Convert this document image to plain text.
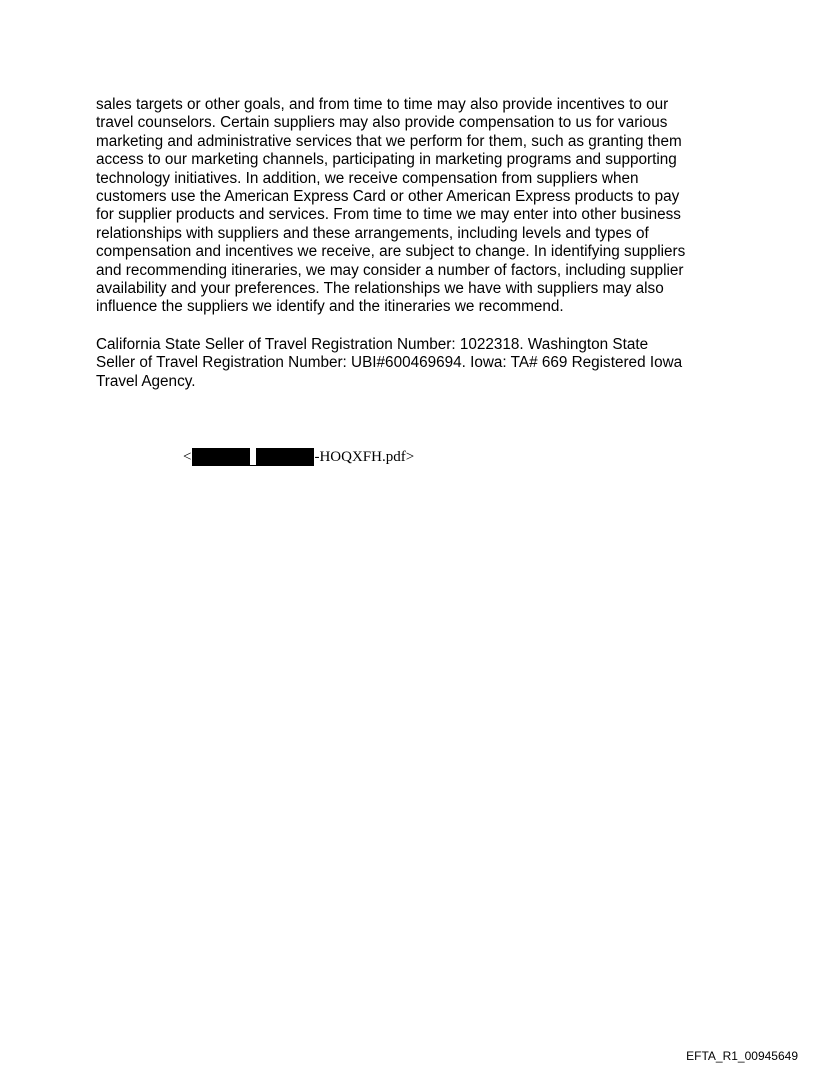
sales targets or other goals, and from time to time may also provide incentives to our
travel counselors. Certain suppliers may also provide compensation to us for various
marketing and administrative services that we perform for them, such as granting them
access to our marketing channels, participating in marketing programs and supporting
technology initiatives. In addition, we receive compensation from suppliers when
customers use the American Express Card or other American Express products to pay
for supplier products and services. From time to time we may enter into other business
relationships with suppliers and these arrangements, including levels and types of
compensation and incentives we receive, are subject to change. In identifying suppliers
and recommending itineraries, we may consider a number of factors, including supplier
availability and your preferences. The relationships we have with suppliers may also
influence the suppliers we identify and the itineraries we recommend.

California State Seller of Travel Registration Number: 1022318. Washington State
Seller of Travel Registration Number: UBI#600469694. Iowa: TA# 669 Registered Iowa
Travel Agency.

<	-HOQXFH.pdf>
EFTA_R1_00945649
